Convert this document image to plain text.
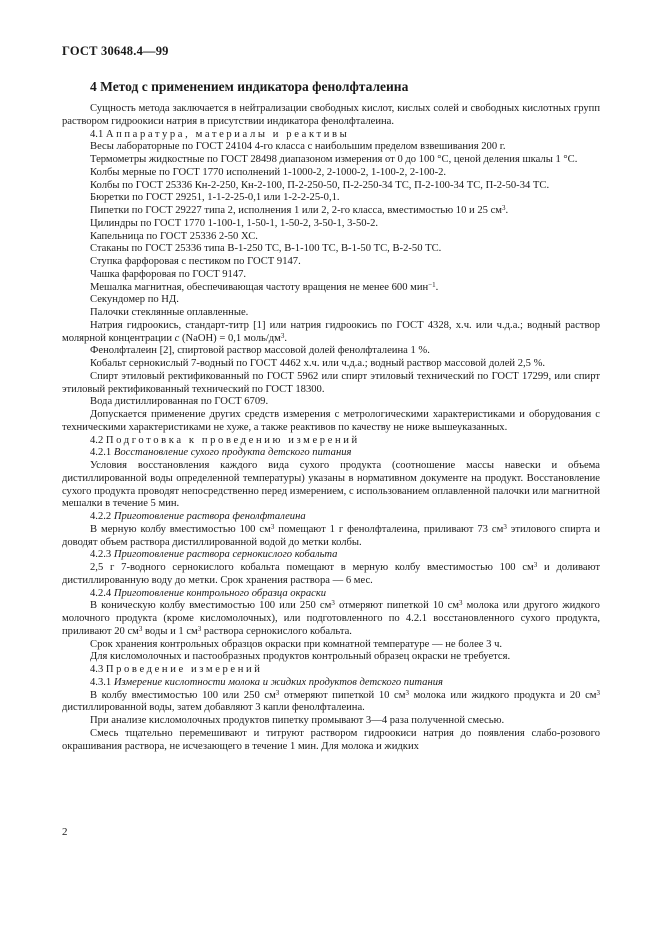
ГОСТ 30648.4—99
4 Метод с применением индикатора фенолфталеина

Сущность метода заключается в нейтрализации свободных кислот, кислых солей и свободных кислотных групп раствором гидроокиси натрия в присутствии индикатора фенолфталеина.

4.1 Аппаратура, материалы и реактивы

Весы лабораторные по ГОСТ 24104 4-го класса с наибольшим пределом взвешивания 200 г.

Термометры жидкостные по ГОСТ 28498 диапазоном измерения от 0 до 100 °C, ценой деления шкалы 1 °C.

Колбы мерные по ГОСТ 1770 исполнений 1-1000-2, 2-1000-2, 1-100-2, 2-100-2.

Колбы по ГОСТ 25336 Кн-2-250, Кн-2-100, П-2-250-50, П-2-250-34 ТС, П-2-100-34 ТС, П-2-50-34 ТС.

Бюретки по ГОСТ 29251, 1-1-2-25-0,1 или 1-2-2-25-0,1.

Пипетки по ГОСТ 29227 типа 2, исполнения 1 или 2, 2-го класса, вместимостью 10 и 25 $см^3$.

Цилиндры по ГОСТ 1770 1-100-1, 1-50-1, 1-50-2, 3-50-1, 3-50-2.

Капельница по ГОСТ 25336 2-50 ХС.

Стаканы по ГОСТ 25336 типа В-1-250 ТС, В-1-100 ТС, В-1-50 ТС, В-2-50 ТС.

Ступка фарфоровая с пестиком по ГОСТ 9147.

Чашка фарфоровая по ГОСТ 9147.

Мешалка магнитная, обеспечивающая частоту вращения не менее 600 мин$^{-1}$.

Секундомер по НД.

Палочки стеклянные оплавленные.

Натрия гидроокись, стандарт-титр [1] или натрия гидроокись по ГОСТ 4328, х.ч. или ч.д.а.; водный раствор молярной концентрации c (NaOH) = 0,1 моль/$дм^3$.

Фенолфталеин [2], спиртовой раствор массовой долей фенолфталеина 1 %.

Кобальт сернокислый 7-водный по ГОСТ 4462 х.ч. или ч.д.а.; водный раствор массовой долей 2,5 %.

Спирт этиловый ректификованный по ГОСТ 5962 или спирт этиловый технический по ГОСТ 17299, или спирт этиловый ректификованный технический по ГОСТ 18300.

Вода дистиллированная по ГОСТ 6709.

Допускается применение других средств измерения с метрологическими характеристиками и оборудования с техническими характеристиками не хуже, а также реактивов по качеству не ниже вышеуказанных.

4.2 Подготовка к проведению измерений

4.2.1 Восстановление сухого продукта детского питания

Условия восстановления каждого вида сухого продукта (соотношение массы навески и объема дистиллированной воды определенной температуры) указаны в нормативном документе на продукт. Восстановление сухого продукта проводят непосредственно перед измерением, с использованием оплавленной палочки или магнитной мешалки в течение 5 мин.

4.2.2 Приготовление раствора фенолфталеина

В мерную колбу вместимостью 100 $см^3$ помещают 1 г фенолфталеина, приливают 73 $см^3$ этилового спирта и доводят объем раствора дистиллированной водой до метки колбы.

4.2.3 Приготовление раствора сернокислого кобальта

2,5 г 7-водного сернокислого кобальта помещают в мерную колбу вместимостью 100 $см^3$ и доливают дистиллированную воду до метки. Срок хранения раствора — 6 мес.

4.2.4 Приготовление контрольного образца окраски

В коническую колбу вместимостью 100 или 250 $см^3$ отмеряют пипеткой 10 $см^3$ молока или другого жидкого молочного продукта (кроме кисломолочных), или подготовленного по 4.2.1 восстановленного сухого продукта, приливают 20 $см^3$ воды и 1 $см^3$ раствора сернокислого кобальта.

Срок хранения контрольных образцов окраски при комнатной температуре — не более 3 ч.

Для кисломолочных и пастообразных продуктов контрольный образец окраски не требуется.

4.3 Проведение измерений

4.3.1 Измерение кислотности молока и жидких продуктов детского питания

В колбу вместимостью 100 или 250 $см^3$ отмеряют пипеткой 10 $см^3$ молока или жидкого продукта и 20 $см^3$ дистиллированной воды, затем добавляют 3 капли фенолфталеина.

При анализе кисломолочных продуктов пипетку промывают 3—4 раза полученной смесью.

Смесь тщательно перемешивают и титруют раствором гидроокиси натрия до появления слабо-розового окрашивания раствора, не исчезающего в течение 1 мин. Для молока и жидких

2
